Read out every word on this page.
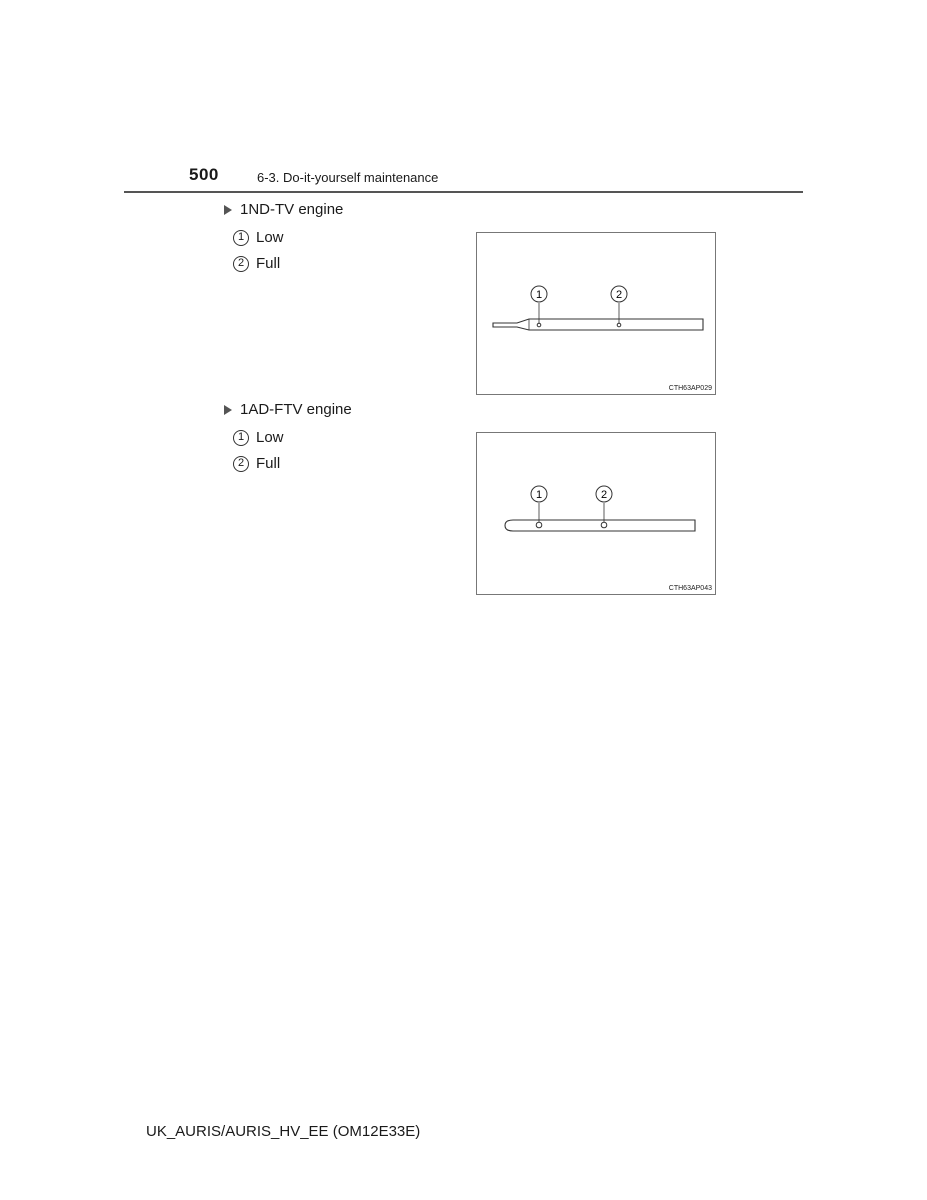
500	6-3. Do-it-yourself maintenance
1ND-TV engine
1 Low
2 Full
1	2
CTH63AP029
1AD-FTV engine
1 Low
2 Full
1	2
CTH63AP043
UK_AURIS/AURIS_HV_EE (OM12E33E)
